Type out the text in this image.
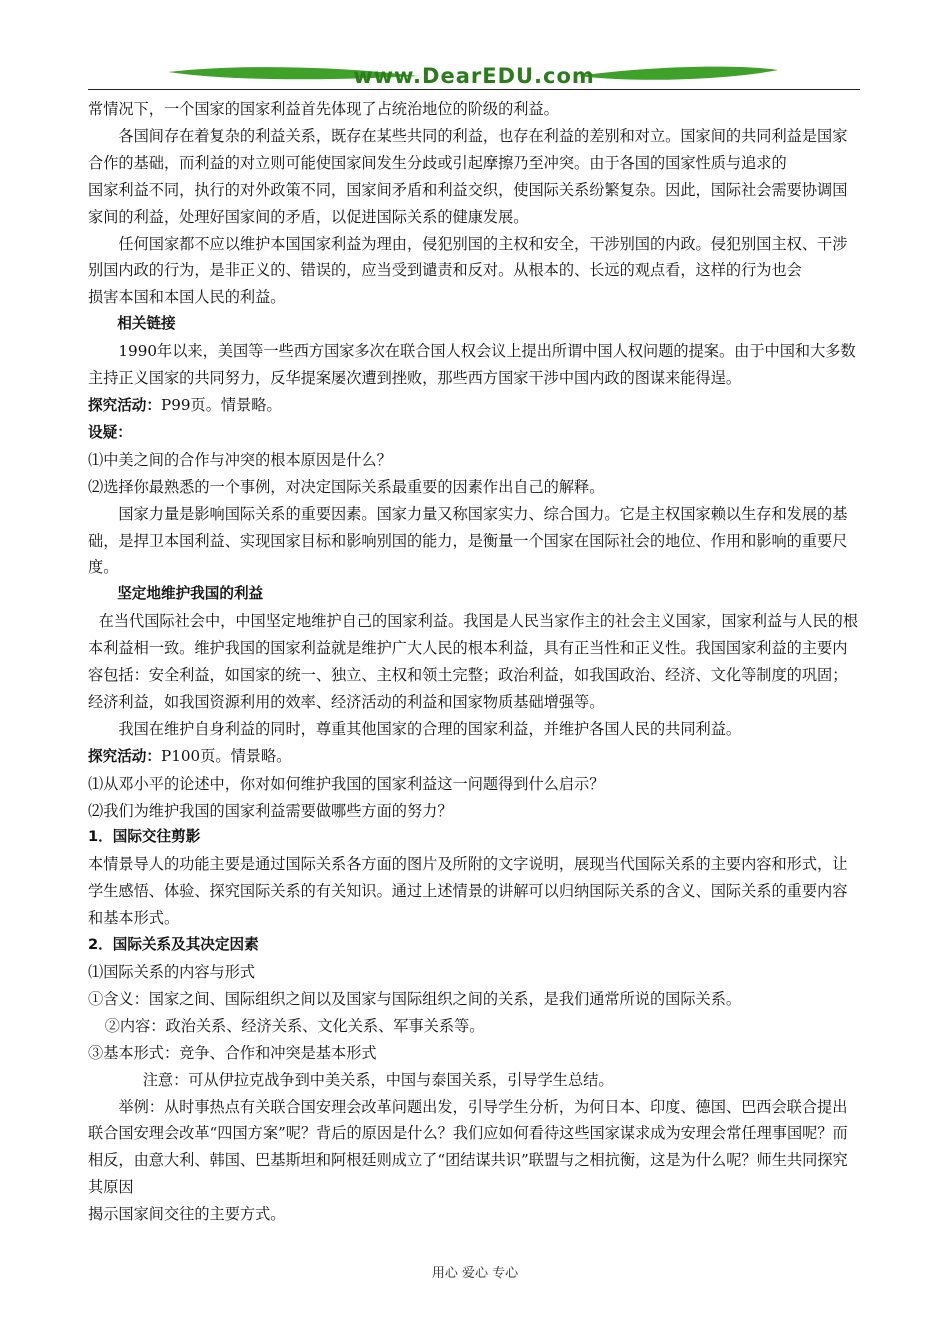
www.DearEDU.com

常情况下，一个国家的国家利益首先体现了占统治地位的阶级的利益。

各国间存在着复杂的利益关系，既存在某些共同的利益，也存在利益的差别和对立。国家间的共同利益是国家合作的基础，而利益的对立则可能使国家间发生分歧或引起摩擦乃至冲突。由于各国的国家性质与追求的

国家利益不同，执行的对外政策不同，国家间矛盾和利益交织，使国际关系纷繁复杂。因此，国际社会需要协调国家间的利益，处理好国家间的矛盾，以促进国际关系的健康发展。

任何国家都不应以维护本国国家利益为理由，侵犯别国的主权和安全，干涉别国的内政。侵犯别国主权、干涉别国内政的行为，是非正义的、错误的，应当受到谴责和反对。从根本的、长远的观点看，这样的行为也会

损害本国和本国人民的利益。

相关链接

1990年以来，美国等一些西方国家多次在联合国人权会议上提出所谓中国人权问题的提案。由于中国和大多数主持正义国家的共同努力，反华提案屡次遭到挫败，那些西方国家干涉中国内政的图谋来能得逞。

探究活动：P99页。情景略。

设疑：

⑴中美之间的合作与冲突的根本原因是什么？

⑵选择你最熟悉的一个事例，对决定国际关系最重要的因素作出自己的解释。

国家力量是影响国际关系的重要因素。国家力量又称国家实力、综合国力。它是主权国家赖以生存和发展的基础，是捍卫本国利益、实现国家目标和影响别国的能力，是衡量一个国家在国际社会的地位、作用和影响的重要尺度。

坚定地维护我国的利益

在当代国际社会中，中国坚定地维护自己的国家利益。我国是人民当家作主的社会主义国家，国家利益与人民的根本利益相一致。维护我国的国家利益就是维护广大人民的根本利益，具有正当性和正义性。我国国家利益的主要内容包括：安全利益，如国家的统一、独立、主权和领土完整；政治利益，如我国政治、经济、文化等制度的巩固；经济利益，如我国资源利用的效率、经济活动的利益和国家物质基础增强等。

我国在维护自身利益的同时，尊重其他国家的合理的国家利益，并维护各国人民的共同利益。

探究活动：P100页。情景略。

⑴从邓小平的论述中，你对如何维护我国的国家利益这一问题得到什么启示？

⑵我们为维护我国的国家利益需要做哪些方面的努力？

1．国际交往剪影

本情景导人的功能主要是通过国际关系各方面的图片及所附的文字说明，展现当代国际关系的主要内容和形式，让学生感悟、体验、探究国际关系的有关知识。通过上述情景的讲解可以归纳国际关系的含义、国际关系的重要内容和基本形式。

2．国际关系及其决定因素

⑴国际关系的内容与形式

①含义：国家之间、国际组织之间以及国家与国际组织之间的关系，是我们通常所说的国际关系。

②内容：政治关系、经济关系、文化关系、军事关系等。

③基本形式：竞争、合作和冲突是基本形式

注意：可从伊拉克战争到中美关系，中国与泰国关系，引导学生总结。

举例：从时事热点有关联合国安理会改革问题出发，引导学生分析，为何日本、印度、德国、巴西会联合提出联合国安理会改革“四国方案”呢？背后的原因是什么？我们应如何看待这些国家谋求成为安理会常任理事国呢？而相反，由意大利、韩国、巴基斯坦和阿根廷则成立了“团结谋共识”联盟与之相抗衡，这是为什么呢？师生共同探究其原因

揭示国家间交往的主要方式。

用心 爱心 专心
